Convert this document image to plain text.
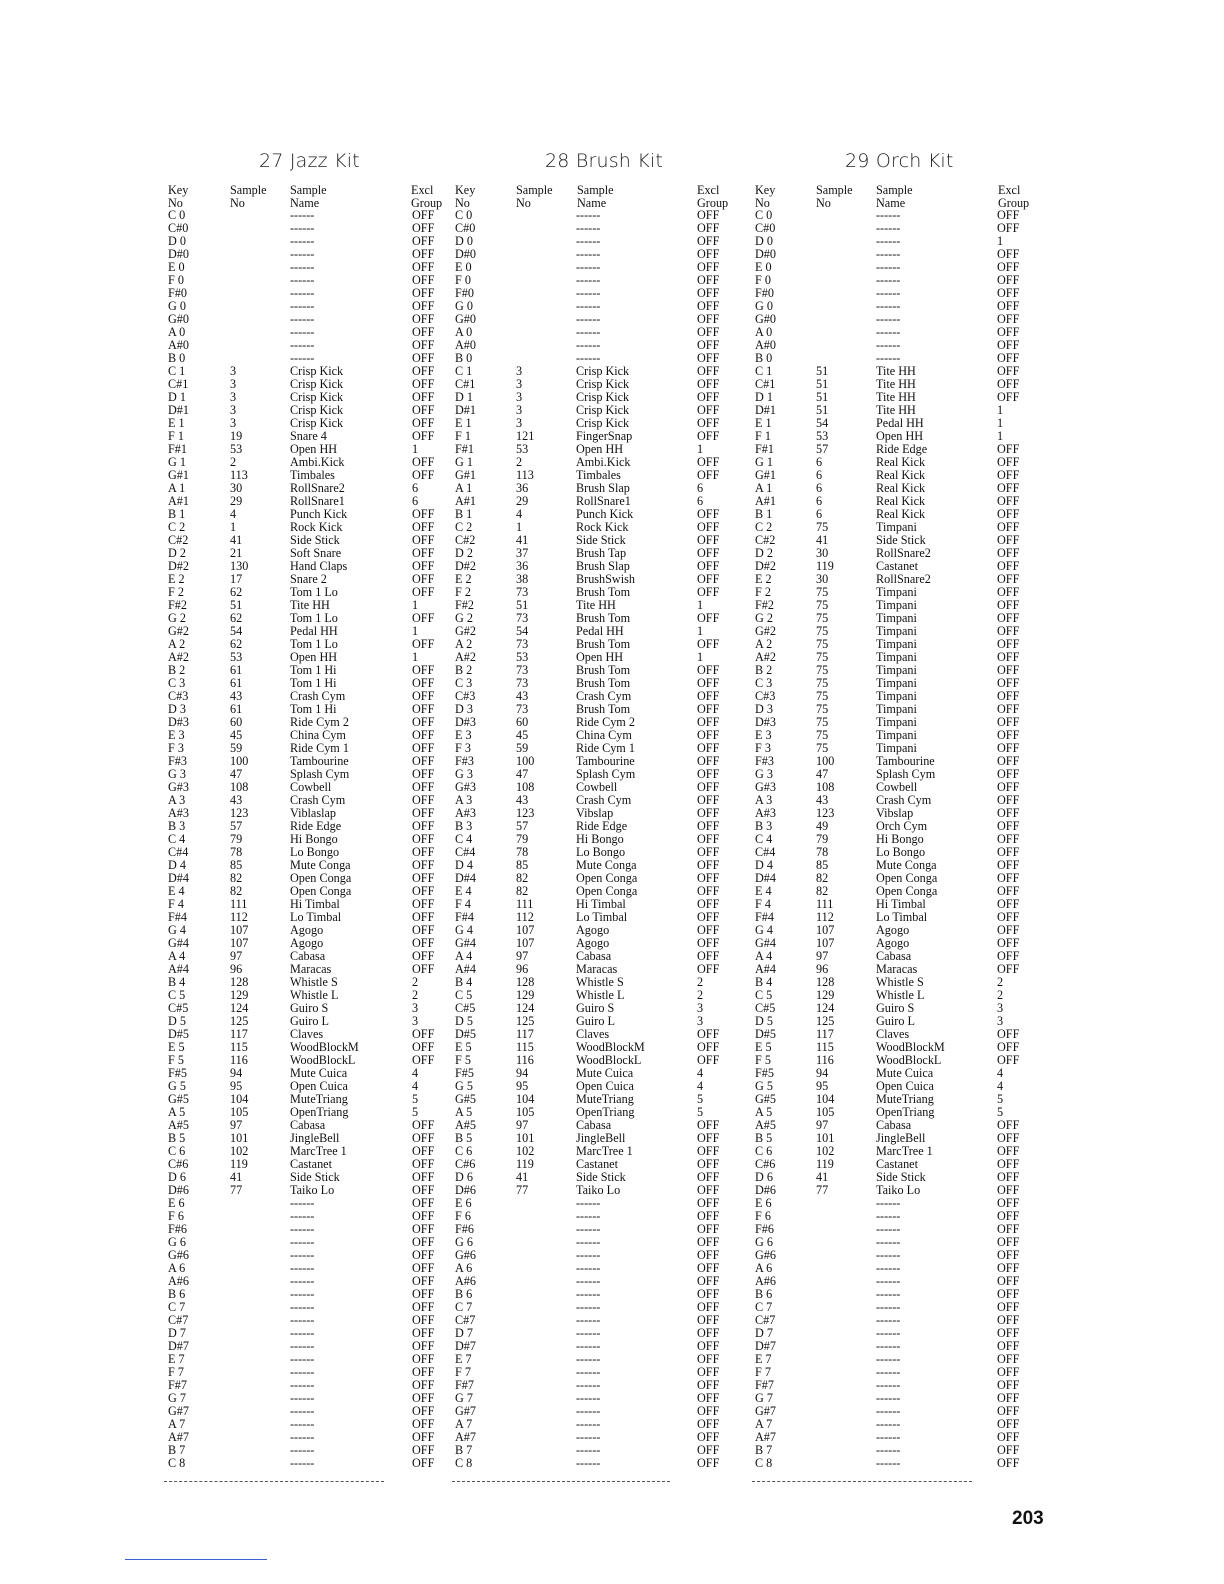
27 Jazz Kit
Key
No
Sample
No
Sample
Name
Excl
Group
C 0
C#0
D 0
D#0
E 0
F 0
F#0
G 0
G#0
A 0
A#0
B 0
C 1
C#1
D 1
D#1
E 1
F 1
F#1
G 1
G#1
A 1
A#1
B 1
C 2
C#2
D 2
D#2
E 2
F 2
F#2
G 2
G#2
A 2
A#2
B 2
C 3
C#3
D 3
D#3
E 3
F 3
F#3
G 3
G#3
A 3
A#3
B 3
C 4
C#4
D 4
D#4
E 4
F 4
F#4
G 4
G#4
A 4
A#4
B 4
C 5
C#5
D 5
D#5
E 5
F 5
F#5
G 5
G#5
A 5
A#5
B 5
C 6
C#6
D 6
D#6
E 6
F 6
F#6
G 6
G#6
A 6
A#6
B 6
C 7
C#7
D 7
D#7
E 7
F 7
F#7
G 7
G#7
A 7
A#7
B 7
C 8
3
3
3
3
3
19
53
2
113
30
29
4
1
41
21
130
17
62
51
62
54
62
53
61
61
43
61
60
45
59
100
47
108
43
123
57
79
78
85
82
82
111
112
107
107
97
96
128
129
124
125
117
115
116
94
95
104
105
97
101
102
119
41
77
------
------
------
------
------
------
------
------
------
------
------
------
Crisp Kick
Crisp Kick
Crisp Kick
Crisp Kick
Crisp Kick
Snare 4
Open HH
Ambi.Kick
Timbales
RollSnare2
RollSnare1
Punch Kick
Rock Kick
Side Stick
Soft Snare
Hand Claps
Snare 2
Tom 1 Lo
Tite HH
Tom 1 Lo
Pedal HH
Tom 1 Lo
Open HH
Tom 1 Hi
Tom 1 Hi
Crash Cym
Tom 1 Hi
Ride Cym 2
China Cym
Ride Cym 1
Tambourine
Splash Cym
Cowbell
Crash Cym
Viblaslap
Ride Edge
Hi Bongo
Lo Bongo
Mute Conga
Open Conga
Open Conga
Hi Timbal
Lo Timbal
Agogo
Agogo
Cabasa
Maracas
Whistle S
Whistle L
Guiro S
Guiro L
Claves
WoodBlockM
WoodBlockL
Mute Cuica
Open Cuica
MuteTriang
OpenTriang
Cabasa
JingleBell
MarcTree 1
Castanet
Side Stick
Taiko Lo
------
------
------
------
------
------
------
------
------
------
------
------
------
------
------
------
------
------
------
------
------
OFF
OFF
OFF
OFF
OFF
OFF
OFF
OFF
OFF
OFF
OFF
OFF
OFF
OFF
OFF
OFF
OFF
OFF
1
OFF
OFF
6
6
OFF
OFF
OFF
OFF
OFF
OFF
OFF
1
OFF
1
OFF
1
OFF
OFF
OFF
OFF
OFF
OFF
OFF
OFF
OFF
OFF
OFF
OFF
OFF
OFF
OFF
OFF
OFF
OFF
OFF
OFF
OFF
OFF
OFF
OFF
2
2
3
3
OFF
OFF
OFF
4
4
5
5
OFF
OFF
OFF
OFF
OFF
OFF
OFF
OFF
OFF
OFF
OFF
OFF
OFF
OFF
OFF
OFF
OFF
OFF
OFF
OFF
OFF
OFF
OFF
OFF
OFF
OFF
OFF
28 Brush Kit
Key
No
Sample
No
Sample
Name
Excl
Group
C 0
C#0
D 0
D#0
E 0
F 0
F#0
G 0
G#0
A 0
A#0
B 0
C 1
C#1
D 1
D#1
E 1
F 1
F#1
G 1
G#1
A 1
A#1
B 1
C 2
C#2
D 2
D#2
E 2
F 2
F#2
G 2
G#2
A 2
A#2
B 2
C 3
C#3
D 3
D#3
E 3
F 3
F#3
G 3
G#3
A 3
A#3
B 3
C 4
C#4
D 4
D#4
E 4
F 4
F#4
G 4
G#4
A 4
A#4
B 4
C 5
C#5
D 5
D#5
E 5
F 5
F#5
G 5
G#5
A 5
A#5
B 5
C 6
C#6
D 6
D#6
E 6
F 6
F#6
G 6
G#6
A 6
A#6
B 6
C 7
C#7
D 7
D#7
E 7
F 7
F#7
G 7
G#7
A 7
A#7
B 7
C 8
3
3
3
3
3
121
53
2
113
36
29
4
1
41
37
36
38
73
51
73
54
73
53
73
73
43
73
60
45
59
100
47
108
43
123
57
79
78
85
82
82
111
112
107
107
97
96
128
129
124
125
117
115
116
94
95
104
105
97
101
102
119
41
77
------
------
------
------
------
------
------
------
------
------
------
------
Crisp Kick
Crisp Kick
Crisp Kick
Crisp Kick
Crisp Kick
FingerSnap
Open HH
Ambi.Kick
Timbales
Brush Slap
RollSnare1
Punch Kick
Rock Kick
Side Stick
Brush Tap
Brush Slap
BrushSwish
Brush Tom
Tite HH
Brush Tom
Pedal HH
Brush Tom
Open HH
Brush Tom
Brush Tom
Crash Cym
Brush Tom
Ride Cym 2
China Cym
Ride Cym 1
Tambourine
Splash Cym
Cowbell
Crash Cym
Vibslap
Ride Edge
Hi Bongo
Lo Bongo
Mute Conga
Open Conga
Open Conga
Hi Timbal
Lo Timbal
Agogo
Agogo
Cabasa
Maracas
Whistle S
Whistle L
Guiro S
Guiro L
Claves
WoodBlockM
WoodBlockL
Mute Cuica
Open Cuica
MuteTriang
OpenTriang
Cabasa
JingleBell
MarcTree 1
Castanet
Side Stick
Taiko Lo
------
------
------
------
------
------
------
------
------
------
------
------
------
------
------
------
------
------
------
------
------
OFF
OFF
OFF
OFF
OFF
OFF
OFF
OFF
OFF
OFF
OFF
OFF
OFF
OFF
OFF
OFF
OFF
OFF
1
OFF
OFF
6
6
OFF
OFF
OFF
OFF
OFF
OFF
OFF
1
OFF
1
OFF
1
OFF
OFF
OFF
OFF
OFF
OFF
OFF
OFF
OFF
OFF
OFF
OFF
OFF
OFF
OFF
OFF
OFF
OFF
OFF
OFF
OFF
OFF
OFF
OFF
2
2
3
3
OFF
OFF
OFF
4
4
5
5
OFF
OFF
OFF
OFF
OFF
OFF
OFF
OFF
OFF
OFF
OFF
OFF
OFF
OFF
OFF
OFF
OFF
OFF
OFF
OFF
OFF
OFF
OFF
OFF
OFF
OFF
OFF
29 Orch Kit
Key
No
Sample
No
Sample
Name
Excl
Group
C 0
C#0
D 0
D#0
E 0
F 0
F#0
G 0
G#0
A 0
A#0
B 0
C 1
C#1
D 1
D#1
E 1
F 1
F#1
G 1
G#1
A 1
A#1
B 1
C 2
C#2
D 2
D#2
E 2
F 2
F#2
G 2
G#2
A 2
A#2
B 2
C 3
C#3
D 3
D#3
E 3
F 3
F#3
G 3
G#3
A 3
A#3
B 3
C 4
C#4
D 4
D#4
E 4
F 4
F#4
G 4
G#4
A 4
A#4
B 4
C 5
C#5
D 5
D#5
E 5
F 5
F#5
G 5
G#5
A 5
A#5
B 5
C 6
C#6
D 6
D#6
E 6
F 6
F#6
G 6
G#6
A 6
A#6
B 6
C 7
C#7
D 7
D#7
E 7
F 7
F#7
G 7
G#7
A 7
A#7
B 7
C 8
51
51
51
51
54
53
57
6
6
6
6
6
75
41
30
119
30
75
75
75
75
75
75
75
75
75
75
75
75
75
100
47
108
43
123
49
79
78
85
82
82
111
112
107
107
97
96
128
129
124
125
117
115
116
94
95
104
105
97
101
102
119
41
77
------
------
------
------
------
------
------
------
------
------
------
------
Tite HH
Tite HH
Tite HH
Tite HH
Pedal HH
Open HH
Ride Edge
Real Kick
Real Kick
Real Kick
Real Kick
Real Kick
Timpani
Side Stick
RollSnare2
Castanet
RollSnare2
Timpani
Timpani
Timpani
Timpani
Timpani
Timpani
Timpani
Timpani
Timpani
Timpani
Timpani
Timpani
Timpani
Tambourine
Splash Cym
Cowbell
Crash Cym
Vibslap
Orch Cym
Hi Bongo
Lo Bongo
Mute Conga
Open Conga
Open Conga
Hi Timbal
Lo Timbal
Agogo
Agogo
Cabasa
Maracas
Whistle S
Whistle L
Guiro S
Guiro L
Claves
WoodBlockM
WoodBlockL
Mute Cuica
Open Cuica
MuteTriang
OpenTriang
Cabasa
JingleBell
MarcTree 1
Castanet
Side Stick
Taiko Lo
------
------
------
------
------
------
------
------
------
------
------
------
------
------
------
------
------
------
------
------
------
OFF
OFF
1
OFF
OFF
OFF
OFF
OFF
OFF
OFF
OFF
OFF
OFF
OFF
OFF
1
1
1
OFF
OFF
OFF
OFF
OFF
OFF
OFF
OFF
OFF
OFF
OFF
OFF
OFF
OFF
OFF
OFF
OFF
OFF
OFF
OFF
OFF
OFF
OFF
OFF
OFF
OFF
OFF
OFF
OFF
OFF
OFF
OFF
OFF
OFF
OFF
OFF
OFF
OFF
OFF
OFF
OFF
2
2
3
3
OFF
OFF
OFF
4
4
5
5
OFF
OFF
OFF
OFF
OFF
OFF
OFF
OFF
OFF
OFF
OFF
OFF
OFF
OFF
OFF
OFF
OFF
OFF
OFF
OFF
OFF
OFF
OFF
OFF
OFF
OFF
OFF
203
